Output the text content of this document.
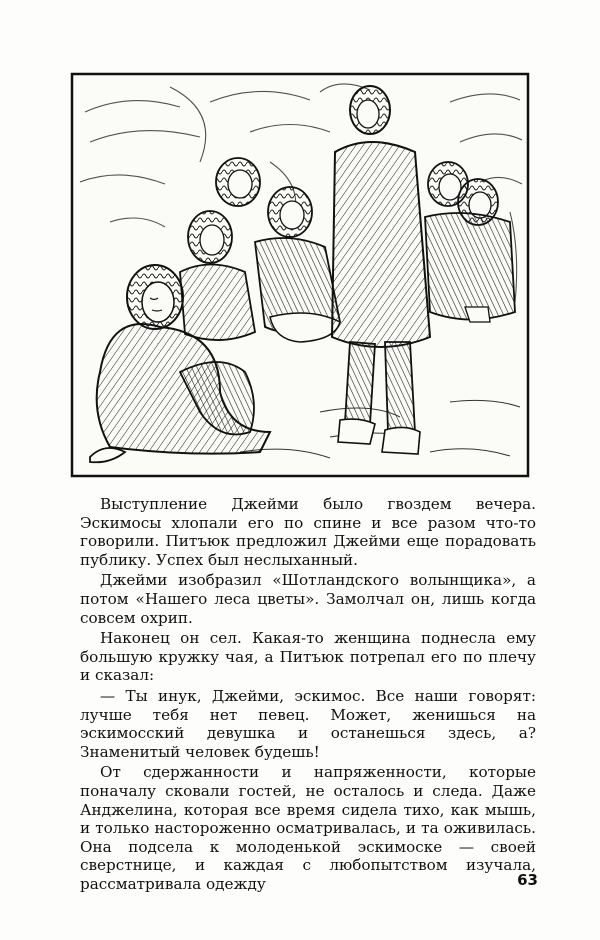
Выступление Джейми было гвоздем вечера. Эскимосы хлопали его по спине и все разом что-то говорили. Питъюк предложил Джейми еще порадовать публику. Успех был неслыханный.

Джейми изобразил «Шотландского волынщика», а потом «Нашего леса цветы». Замолчал он, лишь когда совсем охрип.

Наконец он сел. Какая-то женщина поднесла ему большую кружку чая, а Питъюк потрепал его по плечу и сказал:

— Ты инук, Джейми, эскимос. Все наши говорят: лучше тебя нет певец. Может, женишься на эскимосский девушка и останешься здесь, а? Знаменитый человек будешь!

От сдержанности и напряженности, которые поначалу сковали гостей, не осталось и следа. Даже Анджелина, которая все время сидела тихо, как мышь, и только настороженно осматривалась, и та оживилась. Она подсела к молоденькой эскимоске — своей сверстнице, и каждая с любопытством изучала, рассматривала одежду	63
